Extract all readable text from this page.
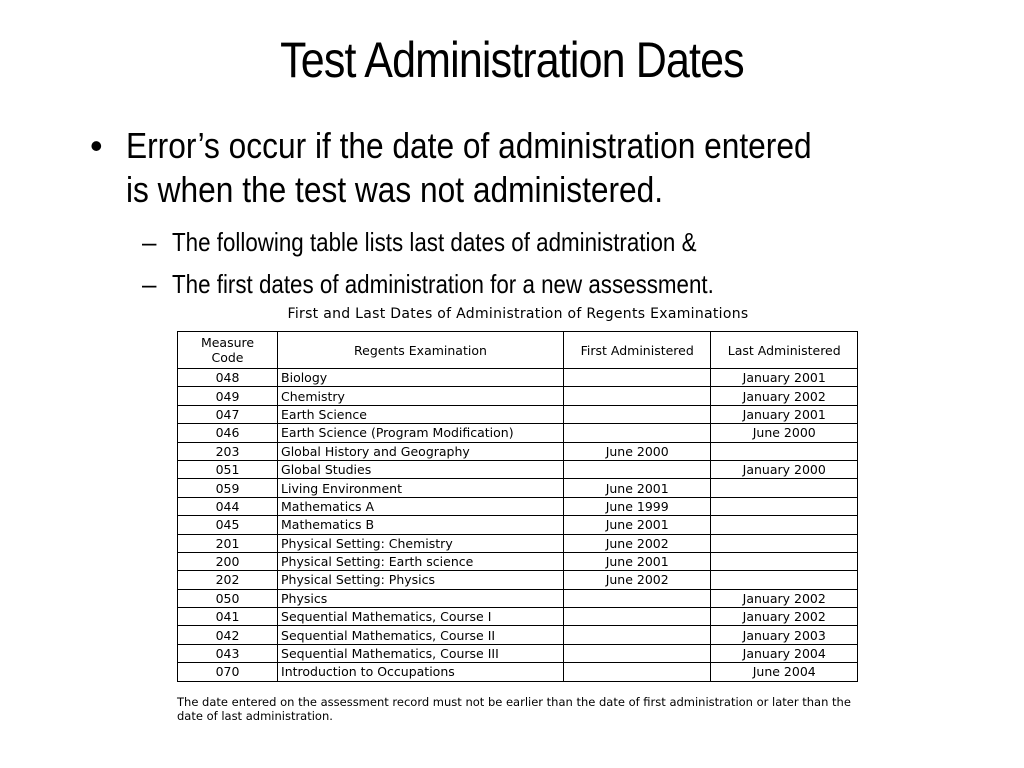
Test Administration Dates
• Error’s occur if the date of administration entered
is when the test was not administered.
– The following table lists last dates of administration &
– The first dates of administration for a new assessment.
First and Last Dates of Administration of Regents Examinations
Measure
Code	Regents Examination	First Administered	Last Administered
048	Biology		January 2001
049	Chemistry		January 2002
047	Earth Science		January 2001
046	Earth Science (Program Modification)		June 2000
203	Global History and Geography	June 2000	
051	Global Studies		January 2000
059	Living Environment	June 2001	
044	Mathematics A	June 1999	
045	Mathematics B	June 2001	
201	Physical Setting: Chemistry	June 2002	
200	Physical Setting: Earth science	June 2001	
202	Physical Setting: Physics	June 2002	
050	Physics		January 2002
041	Sequential Mathematics, Course I		January 2002
042	Sequential Mathematics, Course II		January 2003
043	Sequential Mathematics, Course III		January 2004
070	Introduction to Occupations		June 2004
The date entered on the assessment record must not be earlier than the date of first administration or later than the date of last administration.
